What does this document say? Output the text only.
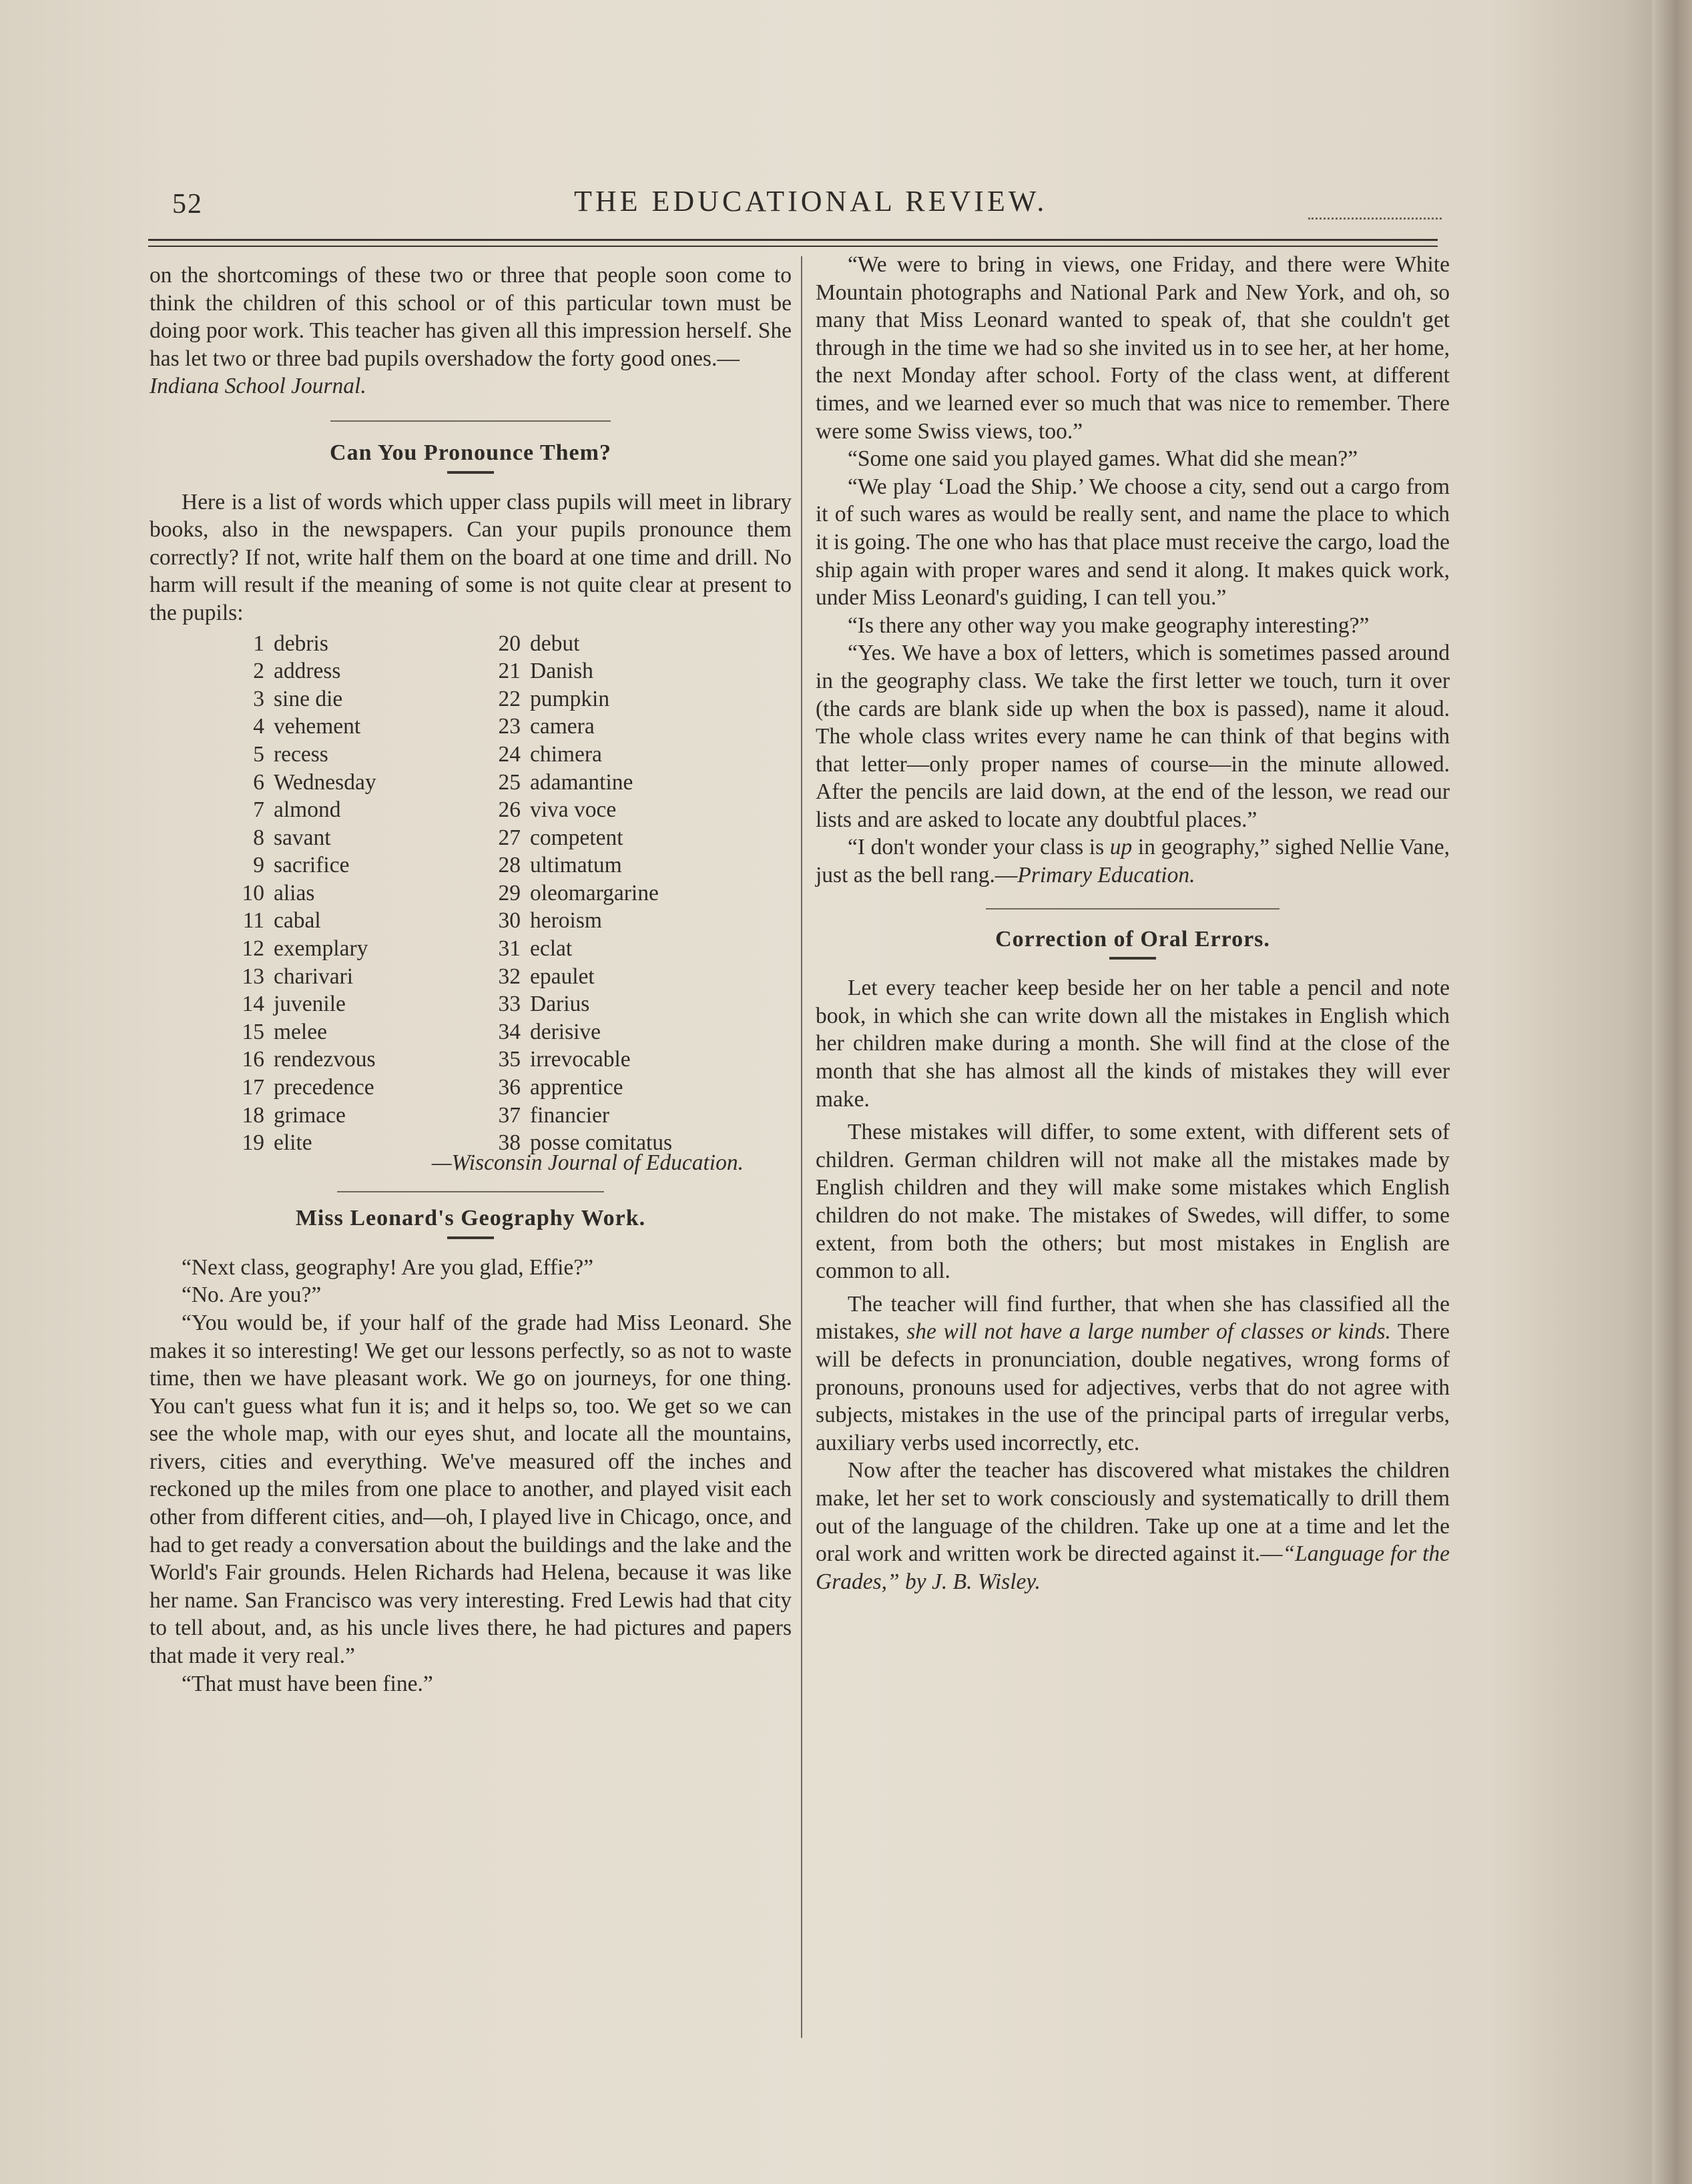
52	THE EDUCATIONAL REVIEW.

on the shortcomings of these two or three that people soon come to think the children of this school or of this particular town must be doing poor work. This teacher has given all this impression herself. She has let two or three bad pupils overshadow the forty good ones.—
Indiana School Journal.

Can You Pronounce Them?

Here is a list of words which upper class pupils will meet in library books, also in the newspapers. Can your pupils pronounce them correctly? If not, write half them on the board at one time and drill. No harm will result if the meaning of some is not quite clear at present to the pupils:

1 debris
2 address
3 sine die
4 vehement
5 recess
6 Wednesday
7 almond
8 savant
9 sacrifice
10 alias
11 cabal
12 exemplary
13 charivari
14 juvenile
15 melee
16 rendezvous
17 precedence
18 grimace
19 elite
20 debut
21 Danish
22 pumpkin
23 camera
24 chimera
25 adamantine
26 viva voce
27 competent
28 ultimatum
29 oleomargarine
30 heroism
31 eclat
32 epaulet
33 Darius
34 derisive
35 irrevocable
36 apprentice
37 financier
38 posse comitatus

—Wisconsin Journal of Education.

Miss Leonard's Geography Work.

“Next class, geography! Are you glad, Effie?”

“No. Are you?”

“You would be, if your half of the grade had Miss Leonard. She makes it so interesting! We get our lessons perfectly, so as not to waste time, then we have pleasant work. We go on journeys, for one thing. You can't guess what fun it is; and it helps so, too. We get so we can see the whole map, with our eyes shut, and locate all the mountains, rivers, cities and everything. We've measured off the inches and reckoned up the miles from one place to another, and played visit each other from different cities, and—oh, I played live in Chicago, once, and had to get ready a conversation about the buildings and the lake and the World's Fair grounds. Helen Richards had Helena, because it was like her name. San Francisco was very interesting. Fred Lewis had that city to tell about, and, as his uncle lives there, he had pictures and papers that made it very real.”

“That must have been fine.”

“We were to bring in views, one Friday, and there were White Mountain photographs and National Park and New York, and oh, so many that Miss Leonard wanted to speak of, that she couldn't get through in the time we had so she invited us in to see her, at her home, the next Monday after school. Forty of the class went, at different times, and we learned ever so much that was nice to remember. There were some Swiss views, too.”

“Some one said you played games. What did she mean?”

“We play ‘Load the Ship.’ We choose a city, send out a cargo from it of such wares as would be really sent, and name the place to which it is going. The one who has that place must receive the cargo, load the ship again with proper wares and send it along. It makes quick work, under Miss Leonard's guiding, I can tell you.”

“Is there any other way you make geography interesting?”

“Yes. We have a box of letters, which is sometimes passed around in the geography class. We take the first letter we touch, turn it over (the cards are blank side up when the box is passed), name it aloud. The whole class writes every name he can think of that begins with that letter—only proper names of course—in the minute allowed. After the pencils are laid down, at the end of the lesson, we read our lists and are asked to locate any doubtful places.”

“I don't wonder your class is up in geography,” sighed Nellie Vane, just as the bell rang.—Primary Education.

Correction of Oral Errors.

Let every teacher keep beside her on her table a pencil and note book, in which she can write down all the mistakes in English which her children make during a month. She will find at the close of the month that she has almost all the kinds of mistakes they will ever make.

These mistakes will differ, to some extent, with different sets of children. German children will not make all the mistakes made by English children and they will make some mistakes which English children do not make. The mistakes of Swedes, will differ, to some extent, from both the others; but most mistakes in English are common to all.

The teacher will find further, that when she has classified all the mistakes, she will not have a large number of classes or kinds. There will be defects in pronunciation, double negatives, wrong forms of pronouns, pronouns used for adjectives, verbs that do not agree with subjects, mistakes in the use of the principal parts of irregular verbs, auxiliary verbs used incorrectly, etc.

Now after the teacher has discovered what mistakes the children make, let her set to work consciously and systematically to drill them out of the language of the children. Take up one at a time and let the oral work and written work be directed against it.—“Language for the Grades,” by J. B. Wisley.
